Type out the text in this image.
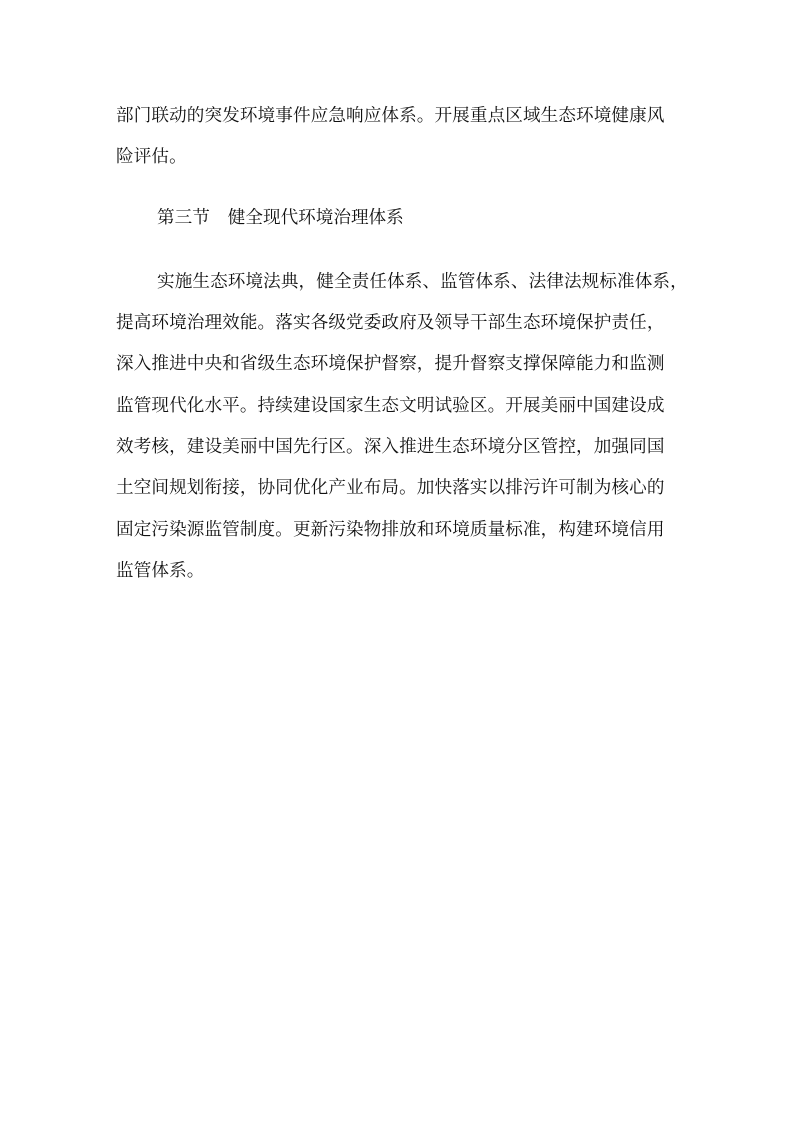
部门联动的突发环境事件应急响应体系。开展重点区域生态环境健康风
险评估。
第三节 健全现代环境治理体系
实施生态环境法典，健全责任体系、监管体系、法律法规标准体系，
提高环境治理效能。落实各级党委政府及领导干部生态环境保护责任，
深入推进中央和省级生态环境保护督察，提升督察支撑保障能力和监测
监管现代化水平。持续建设国家生态文明试验区。开展美丽中国建设成
效考核，建设美丽中国先行区。深入推进生态环境分区管控，加强同国
土空间规划衔接，协同优化产业布局。加快落实以排污许可制为核心的
固定污染源监管制度。更新污染物排放和环境质量标准，构建环境信用
监管体系。
